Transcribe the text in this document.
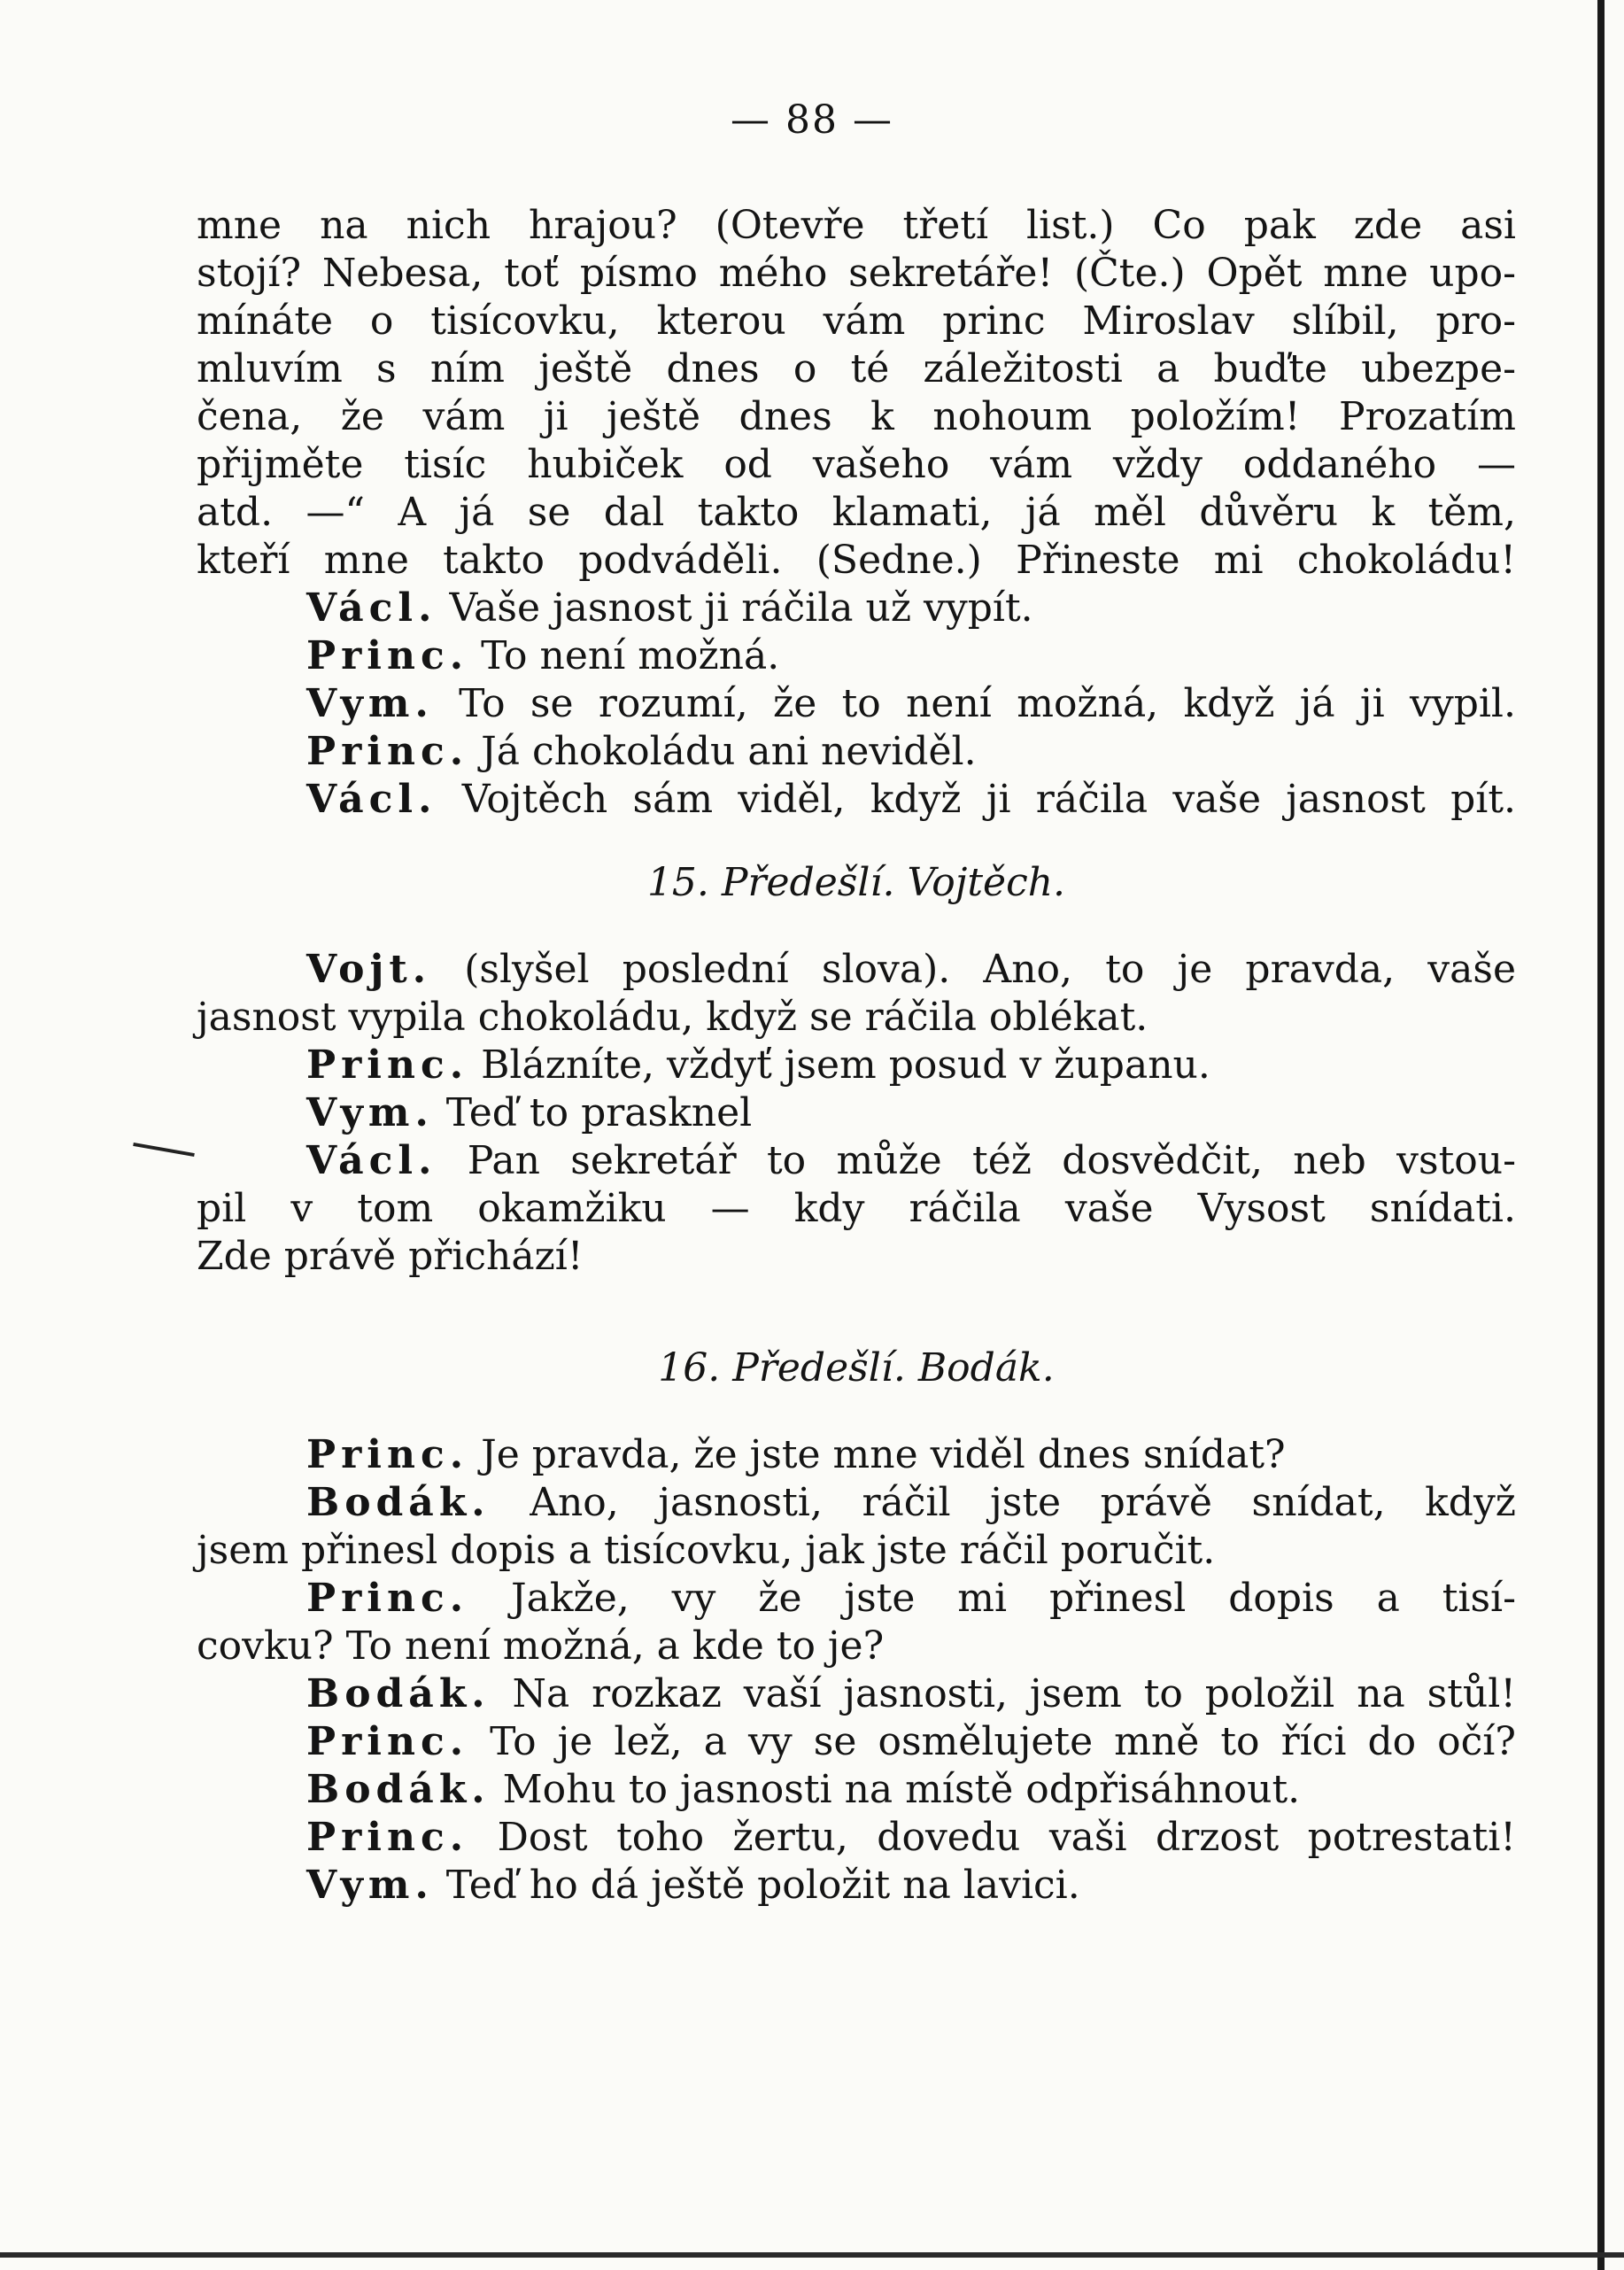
— 88 —
mne na nich hrajou? (Otevře třetí list.) Co pak zde asi
stojí? Nebesa, toť písmo mého sekretáře! (Čte.) Opět mne upo-
mínáte o tisícovku, kterou vám princ Miroslav slíbil, pro-
mluvím s ním ještě dnes o té záležitosti a buďte ubezpe-
čena, že vám ji ještě dnes k nohoum položím! Prozatím
přijměte tisíc hubiček od vašeho vám vždy oddaného —
atd. —“ A já se dal takto klamati, já měl důvěru k těm,
kteří mne takto podváděli. (Sedne.) Přineste mi chokoládu!
Václ. Vaše jasnost ji ráčila už vypít.
Princ. To není možná.
Vym. To se rozumí, že to není možná, když já ji vypil.
Princ. Já chokoládu ani neviděl.
Václ. Vojtěch sám viděl, když ji ráčila vaše jasnost pít.
15. Předešlí. Vojtěch.
Vojt. (slyšel poslední slova). Ano, to je pravda, vaše
jasnost vypila chokoládu, když se ráčila oblékat.
Princ. Blázníte, vždyť jsem posud v županu.
Vym. Teď to prasknel
Václ. Pan sekretář to může též dosvědčit, neb vstou-
pil v tom okamžiku — kdy ráčila vaše Vysost snídati.
Zde právě přichází!
16. Předešlí. Bodák.
Princ. Je pravda, že jste mne viděl dnes snídat?
Bodák. Ano, jasnosti, ráčil jste právě snídat, když
jsem přinesl dopis a tisícovku, jak jste ráčil poručit.
Princ. Jakže, vy že jste mi přinesl dopis a tisí-
covku? To není možná, a kde to je?
Bodák. Na rozkaz vaší jasnosti, jsem to položil na stůl!
Princ. To je lež, a vy se osmělujete mně to říci do očí?
Bodák. Mohu to jasnosti na místě odpřisáhnout.
Princ. Dost toho žertu, dovedu vaši drzost potrestati!
Vym. Teď ho dá ještě položit na lavici.
